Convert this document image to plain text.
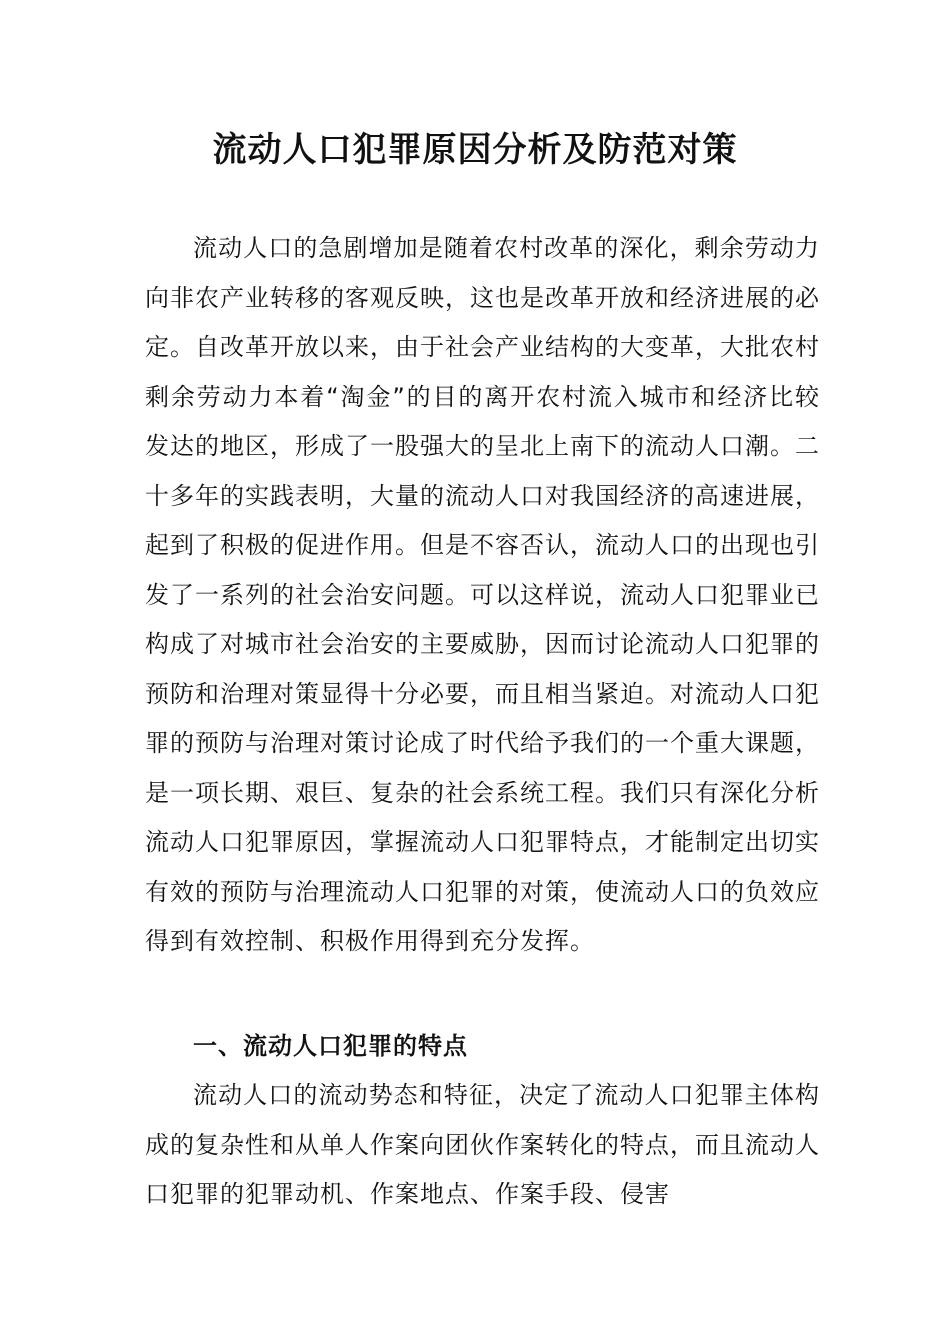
流动人口犯罪原因分析及防范对策

流动人口的急剧增加是随着农村改革的深化，剩余劳动力向非农产业转移的客观反映，这也是改革开放和经济进展的必定。自改革开放以来，由于社会产业结构的大变革，大批农村剩余劳动力本着“淘金”的目的离开农村流入城市和经济比较发达的地区，形成了一股强大的呈北上南下的流动人口潮。二十多年的实践表明，大量的流动人口对我国经济的高速进展，起到了积极的促进作用。但是不容否认，流动人口的出现也引发了一系列的社会治安问题。可以这样说，流动人口犯罪业已构成了对城市社会治安的主要威胁，因而讨论流动人口犯罪的预防和治理对策显得十分必要，而且相当紧迫。对流动人口犯罪的预防与治理对策讨论成了时代给予我们的一个重大课题，是一项长期、艰巨、复杂的社会系统工程。我们只有深化分析流动人口犯罪原因，掌握流动人口犯罪特点，才能制定出切实有效的预防与治理流动人口犯罪的对策，使流动人口的负效应得到有效控制、积极作用得到充分发挥。

一、流动人口犯罪的特点

流动人口的流动势态和特征，决定了流动人口犯罪主体构成的复杂性和从单人作案向团伙作案转化的特点，而且流动人口犯罪的犯罪动机、作案地点、作案手段、侵害
